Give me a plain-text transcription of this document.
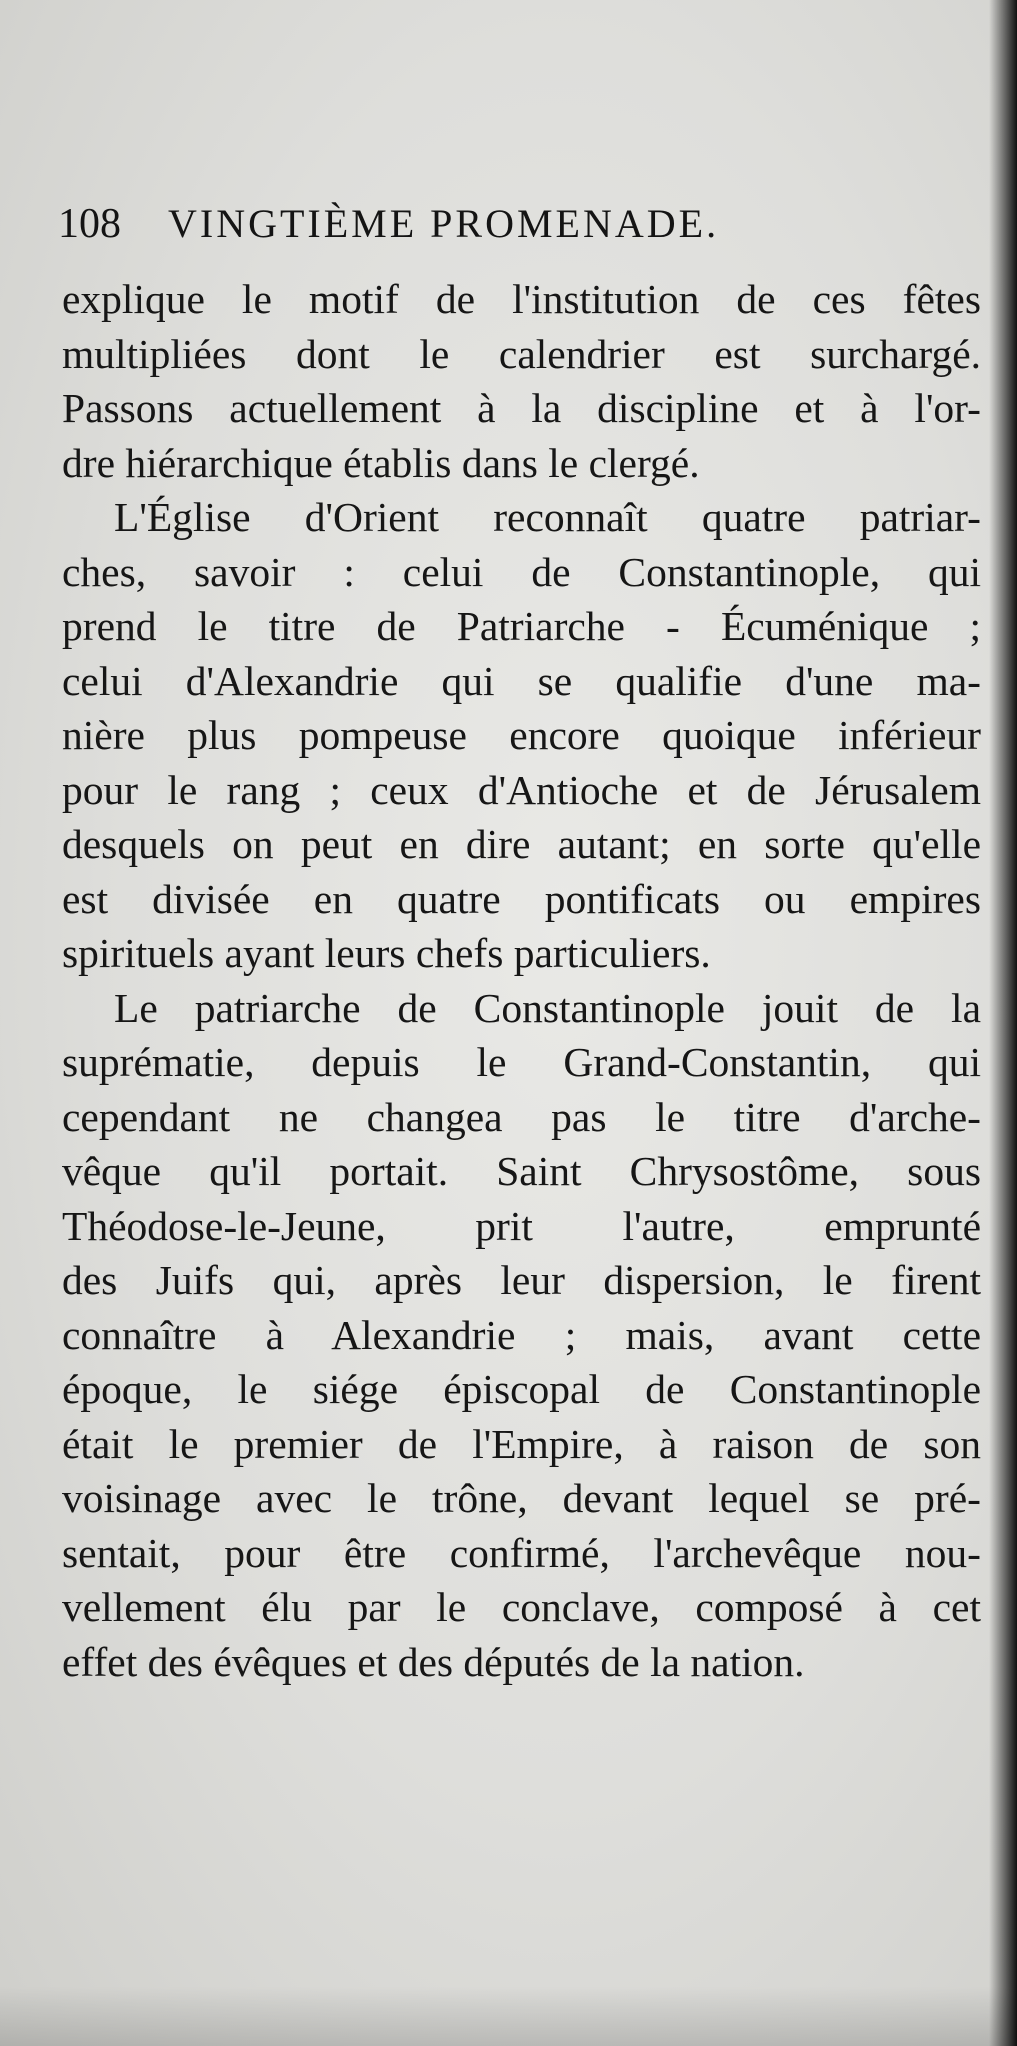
108	VINGTIÈME PROMENADE.
explique le motif de l'institution de ces fêtes
multipliées dont le calendrier est surchargé.
Passons actuellement à la discipline et à l'or-
dre hiérarchique établis dans le clergé.
L'Église d'Orient reconnaît quatre patriar-
ches, savoir : celui de Constantinople, qui
prend le titre de Patriarche - Écuménique ;
celui d'Alexandrie qui se qualifie d'une ma-
nière plus pompeuse encore quoique inférieur
pour le rang ; ceux d'Antioche et de Jérusalem
desquels on peut en dire autant; en sorte qu'elle
est divisée en quatre pontificats ou empires
spirituels ayant leurs chefs particuliers.
Le patriarche de Constantinople jouit de la
suprématie, depuis le Grand-Constantin, qui
cependant ne changea pas le titre d'arche-
vêque qu'il portait. Saint Chrysostôme, sous
Théodose-le-Jeune, prit l'autre, emprunté
des Juifs qui, après leur dispersion, le firent
connaître à Alexandrie ; mais, avant cette
époque, le siége épiscopal de Constantinople
était le premier de l'Empire, à raison de son
voisinage avec le trône, devant lequel se pré-
sentait, pour être confirmé, l'archevêque nou-
vellement élu par le conclave, composé à cet
effet des évêques et des députés de la nation.
